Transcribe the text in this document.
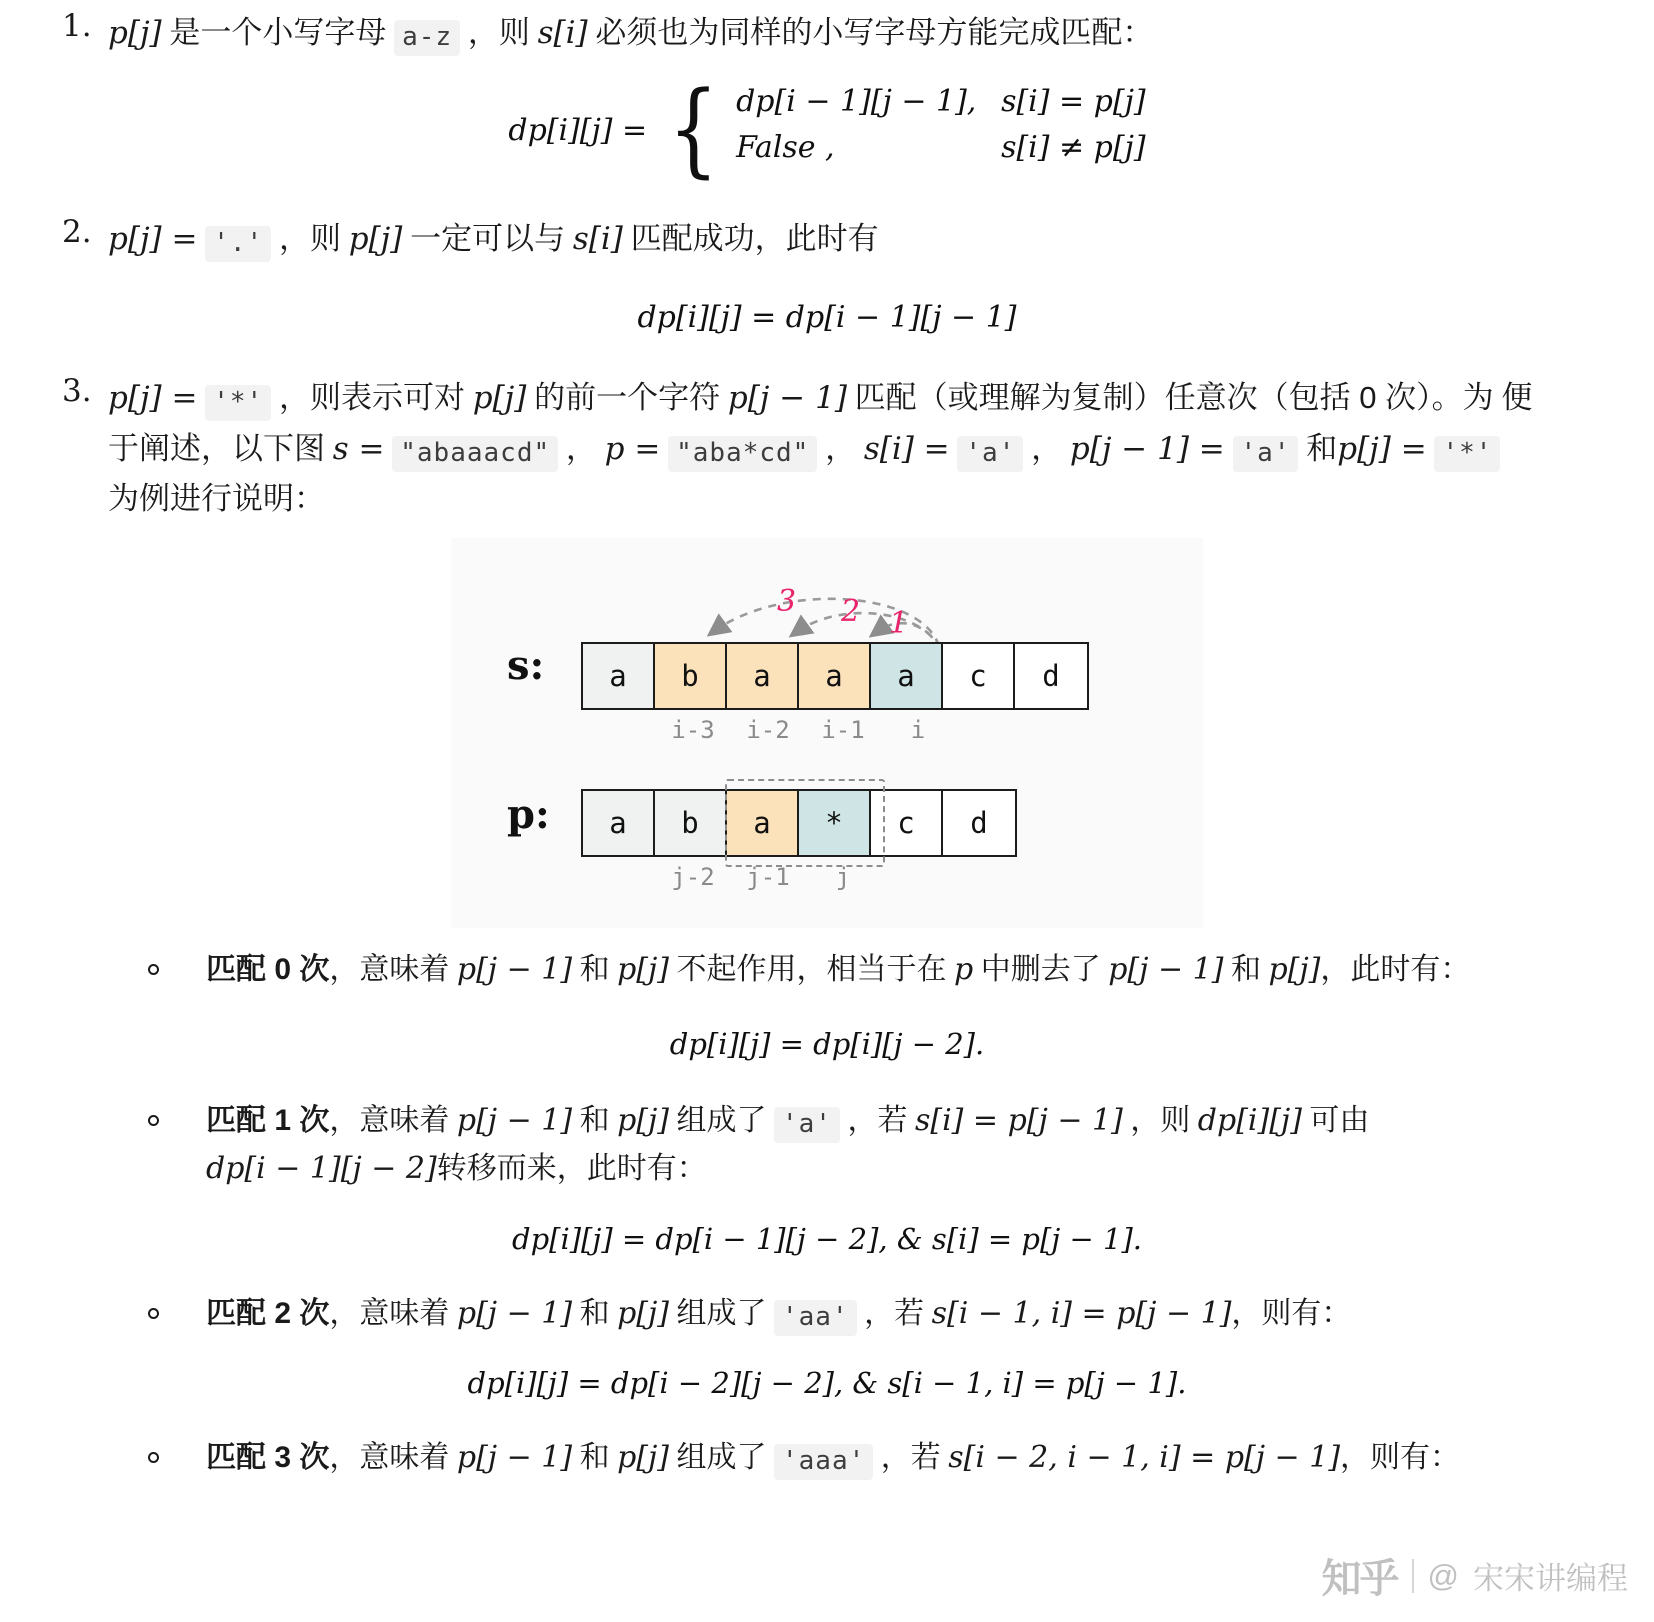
1. p[j] 是一个小写字母 a-z ，则 s[i] 必须也为同样的小写字母方能完成匹配：
dp[i][j] = { dp[i − 1][j − 1], s[i] = p[j]
False ,	s[i] ≠ p[j]
2. p[j] = '.' ，则 p[j] 一定可以与 s[i] 匹配成功，此时有
dp[i][j] = dp[i − 1][j − 1]
3. p[j] = '*' ，则表示可对 p[j] 的前一个字符 p[j − 1] 匹配（或理解为复制）任意次（包括 0 次）。为 便于阐述，以下图 s = "abaaacd" ， p = "aba*cd" ， s[i] = 'a' ， p[j − 1] = 'a' 和p[j] = '*' 为例进行说明：
3 2 1
s:	a	b	a	a	a	c	d
i-3	i-2	i-1	i
p:	a	b	a	*	c	d
j-2	j-1	j
匹配 0 次，意味着 p[j − 1] 和 p[j] 不起作用，相当于在 p 中删去了 p[j − 1] 和 p[j]，此时有：
dp[i][j] = dp[i][j − 2].
匹配 1 次，意味着 p[j − 1] 和 p[j] 组成了 'a' ，若 s[i] = p[j − 1] ，则 dp[i][j] 可由 dp[i − 1][j − 2]转移而来，此时有：
dp[i][j] = dp[i − 1][j − 2], & s[i] = p[j − 1].
匹配 2 次，意味着 p[j − 1] 和 p[j] 组成了 'aa' ，若 s[i − 1, i] = p[j − 1]，则有：
dp[i][j] = dp[i − 2][j − 2], & s[i − 1, i] = p[j − 1].
匹配 3 次，意味着 p[j − 1] 和 p[j] 组成了 'aaa' ，若 s[i − 2, i − 1, i] = p[j − 1]，则有：
知乎 @ 宋宋讲编程
